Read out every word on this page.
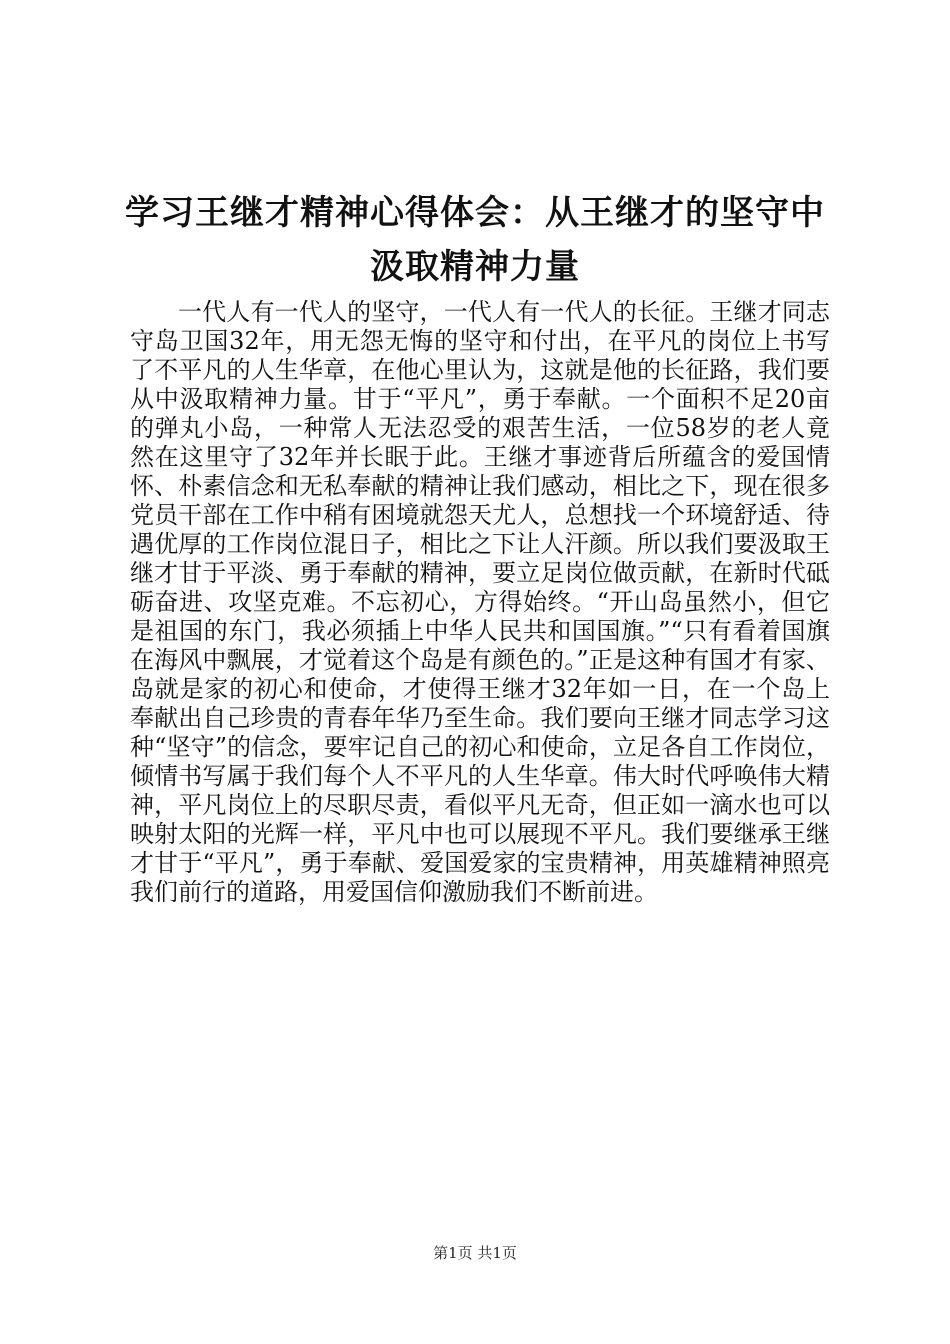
学习王继才精神心得体会：从王继才的坚守中
汲取精神力量

一代人有一代人的坚守，一代人有一代人的长征。王继才同志守岛卫国32年，用无怨无悔的坚守和付出，在平凡的岗位上书写了不平凡的人生华章，在他心里认为，这就是他的长征路，我们要从中汲取精神力量。甘于“平凡”，勇于奉献。一个面积不足20亩的弹丸小岛，一种常人无法忍受的艰苦生活，一位58岁的老人竟然在这里守了32年并长眠于此。王继才事迹背后所蕴含的爱国情怀、朴素信念和无私奉献的精神让我们感动，相比之下，现在很多党员干部在工作中稍有困境就怨天尤人，总想找一个环境舒适、待遇优厚的工作岗位混日子，相比之下让人汗颜。所以我们要汲取王继才甘于平淡、勇于奉献的精神，要立足岗位做贡献，在新时代砥砺奋进、攻坚克难。不忘初心，方得始终。“开山岛虽然小，但它是祖国的东门，我必须插上中华人民共和国国旗。”“只有看着国旗在海风中飘展，才觉着这个岛是有颜色的。”正是这种有国才有家、岛就是家的初心和使命，才使得王继才32年如一日，在一个岛上奉献出自己珍贵的青春年华乃至生命。我们要向王继才同志学习这种“坚守”的信念，要牢记自己的初心和使命，立足各自工作岗位，倾情书写属于我们每个人不平凡的人生华章。伟大时代呼唤伟大精神，平凡岗位上的尽职尽责，看似平凡无奇，但正如一滴水也可以映射太阳的光辉一样，平凡中也可以展现不平凡。我们要继承王继才甘于“平凡”，勇于奉献、爱国爱家的宝贵精神，用英雄精神照亮我们前行的道路，用爱国信仰激励我们不断前进。

第1页 共1页
